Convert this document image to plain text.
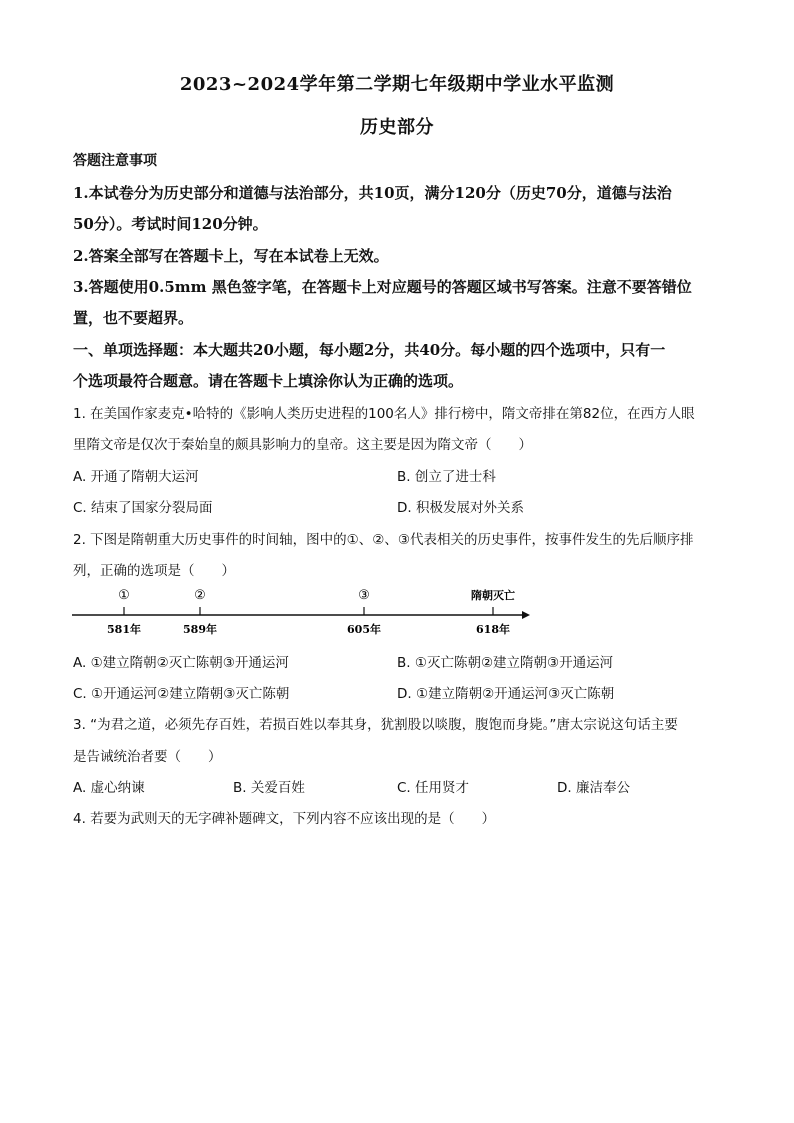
2023~2024学年第二学期七年级期中学业水平监测
历史部分
答题注意事项
1.本试卷分为历史部分和道德与法治部分，共10页，满分120分（历史70分，道德与法治
50分）。考试时间120分钟。
2.答案全部写在答题卡上，写在本试卷上无效。
3.答题使用0.5mm 黑色签字笔，在答题卡上对应题号的答题区域书写答案。注意不要答错位
置，也不要超界。
一、单项选择题：本大题共20小题，每小题2分，共40分。每小题的四个选项中，只有一
个选项最符合题意。请在答题卡上填涂你认为正确的选项。
1. 在美国作家麦克•哈特的《影响人类历史进程的100名人》排行榜中，隋文帝排在第82位，在西方人眼
里隋文帝是仅次于秦始皇的颇具影响力的皇帝。这主要是因为隋文帝（　　）
A. 开通了隋朝大运河	B. 创立了进士科
C. 结束了国家分裂局面	D. 积极发展对外关系
2. 下图是隋朝重大历史事件的时间轴，图中的①、②、③代表相关的历史事件，按事件发生的先后顺序排
列，正确的选项是（　　）
①	②	③	隋朝灭亡
581年	589年	605年	618年
A. ①建立隋朝②灭亡陈朝③开通运河	B. ①灭亡陈朝②建立隋朝③开通运河
C. ①开通运河②建立隋朝③灭亡陈朝	D. ①建立隋朝②开通运河③灭亡陈朝
3. “为君之道，必须先存百姓，若损百姓以奉其身，犹割股以啖腹，腹饱而身毙。”唐太宗说这句话主要
是告诫统治者要（　　）
A. 虚心纳谏	B. 关爱百姓	C. 任用贤才	D. 廉洁奉公
4. 若要为武则天的无字碑补题碑文，下列内容不应该出现的是（　　）
